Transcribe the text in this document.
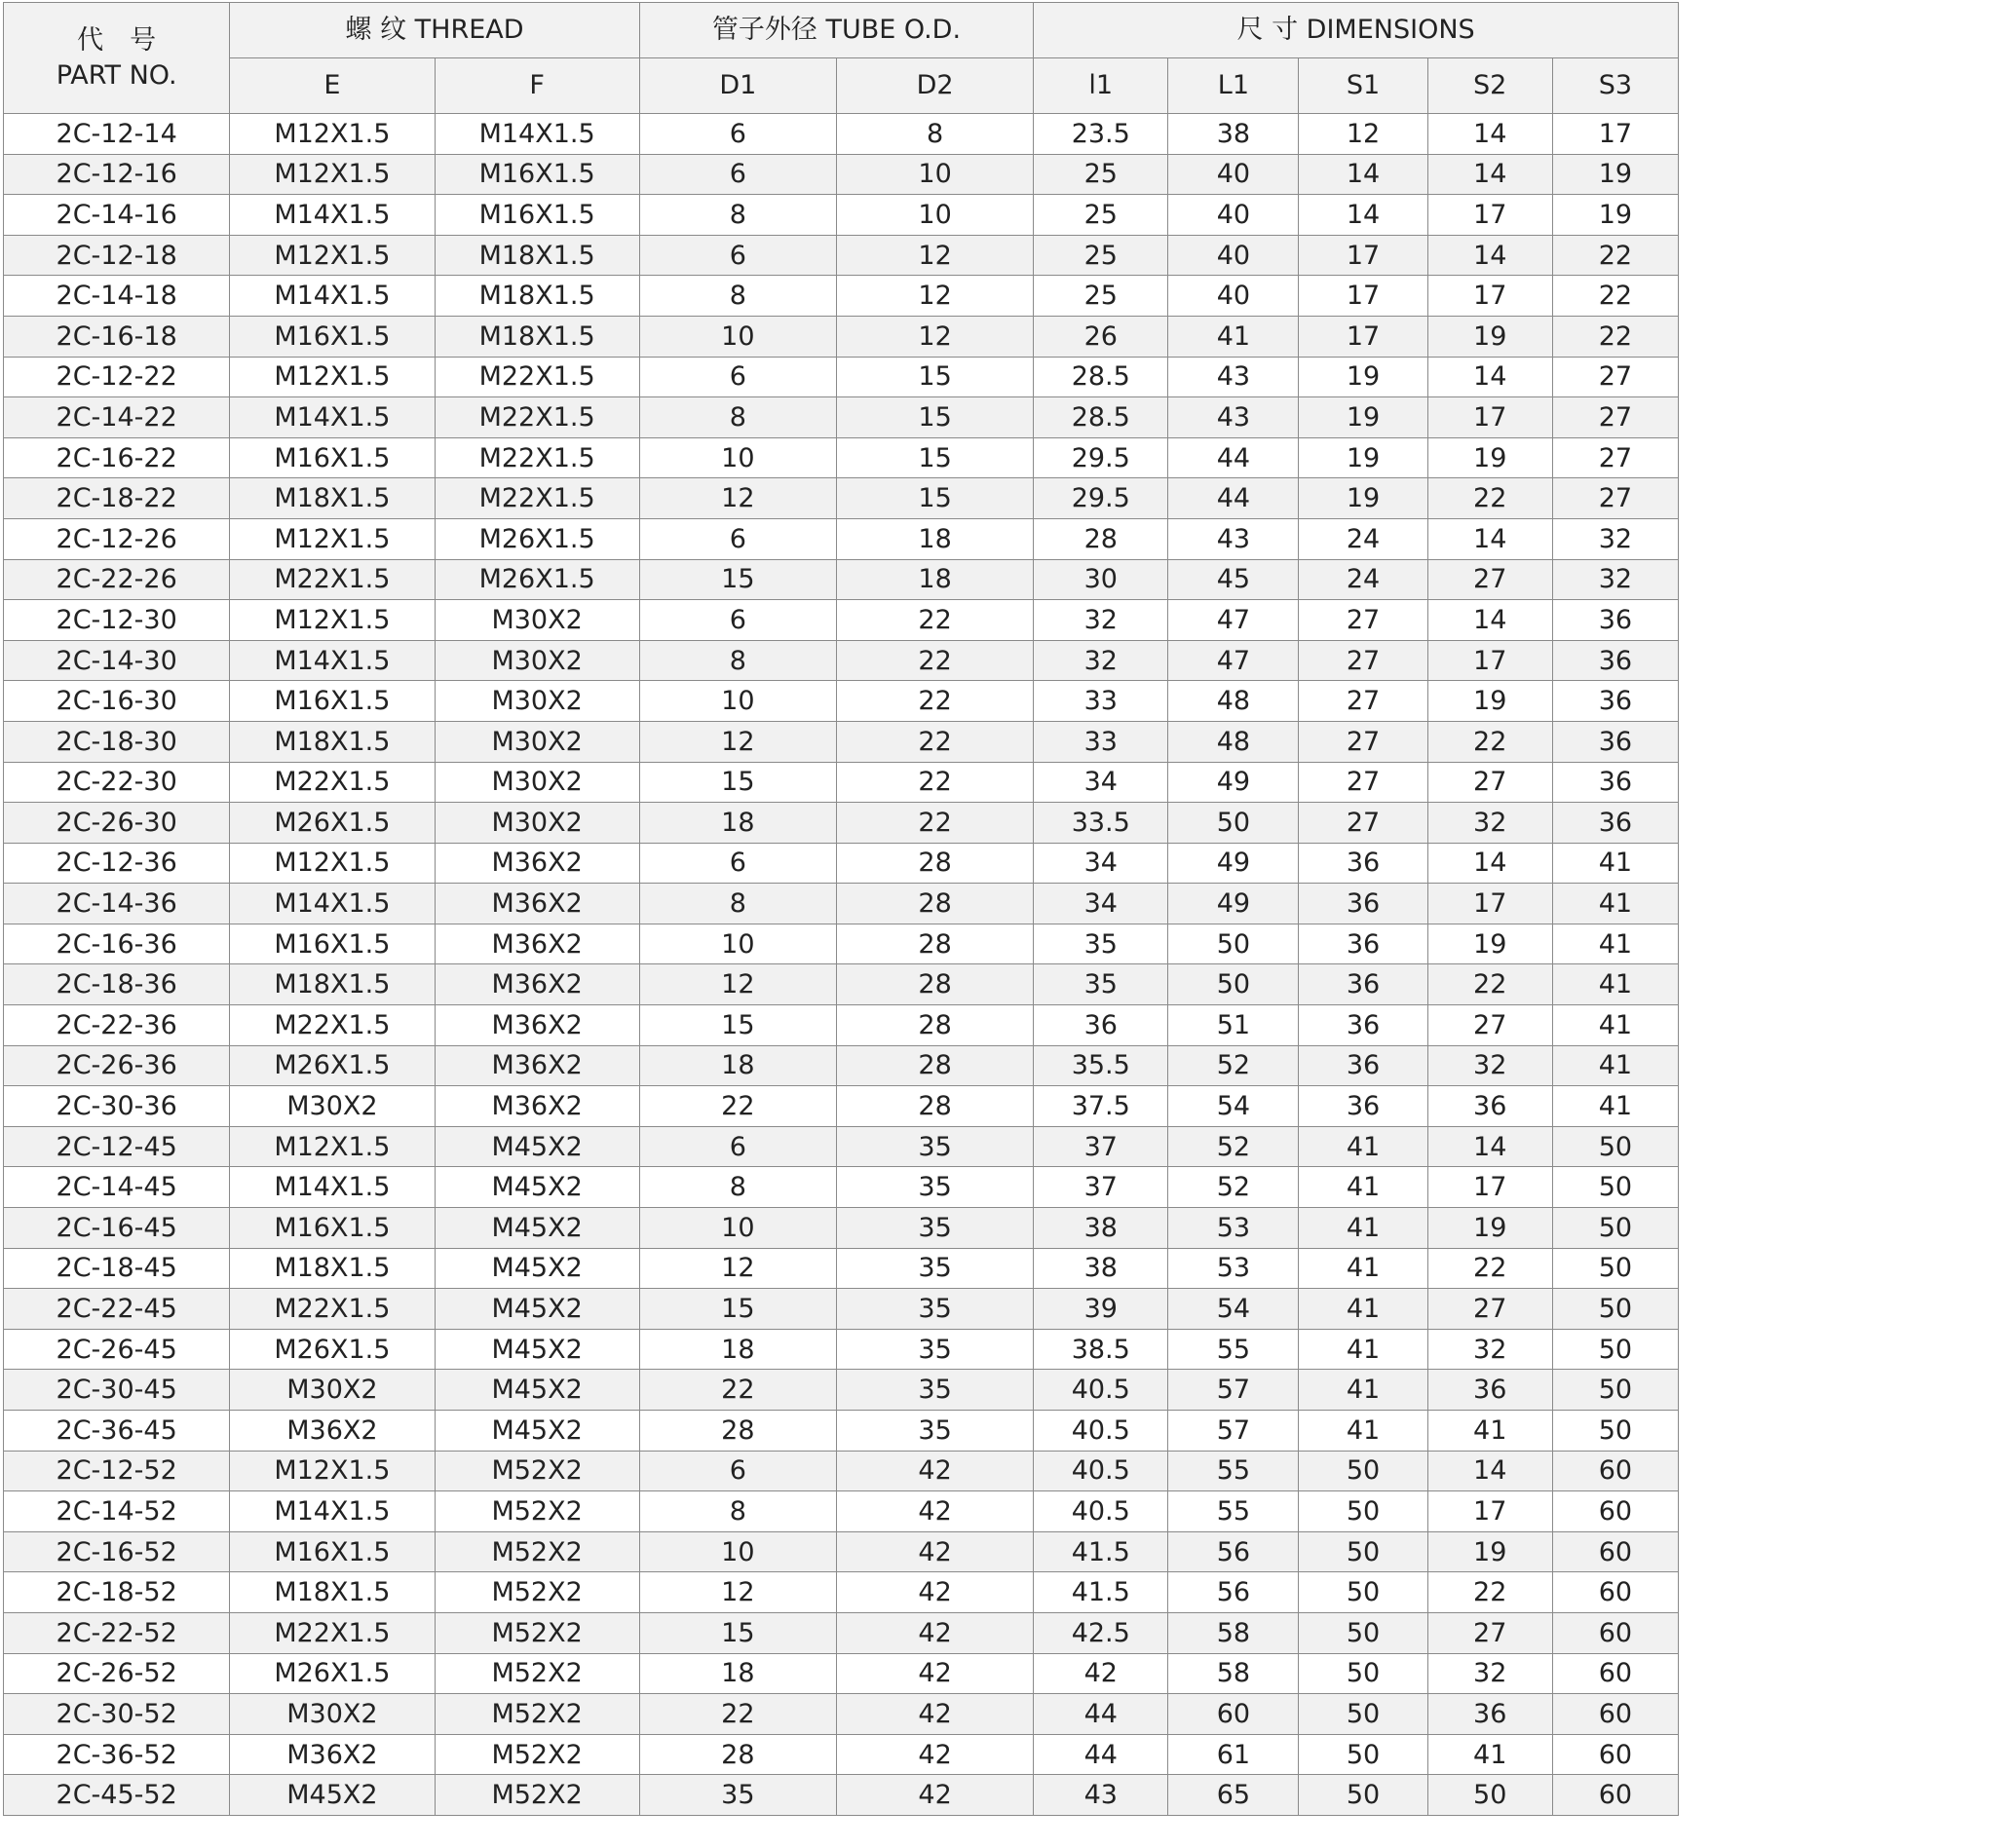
代　号
PART NO.	螺 纹 THREAD		管子外径 TUBE O.D.		尺 寸 DIMENSIONS	

	E	F	D1	D2	l1	L1	S1	S2	S3	
2C-12-14	M12X1.5	M14X1.5	6	8	23.5	38	12	14	17	

2C-12-16	M12X1.5	M16X1.5	6	10	25	40	14	14	19	
2C-14-16	M14X1.5	M16X1.5	8	10	25	40	14	17	19	
2C-12-18	M12X1.5	M18X1.5	6	12	25	40	17	14	22	
2C-14-18	M14X1.5	M18X1.5	8	12	25	40	17	17	22	
2C-16-18	M16X1.5	M18X1.5	10	12	26	41	17	19	22	
2C-12-22	M12X1.5	M22X1.5	6	15	28.5	43	19	14	27	
2C-14-22	M14X1.5	M22X1.5	8	15	28.5	43	19	17	27	
2C-16-22	M16X1.5	M22X1.5	10	15	29.5	44	19	19	27	
2C-18-22	M18X1.5	M22X1.5	12	15	29.5	44	19	22	27	
2C-12-26	M12X1.5	M26X1.5	6	18	28	43	24	14	32	
2C-22-26	M22X1.5	M26X1.5	15	18	30	45	24	27	32	
2C-12-30	M12X1.5	M30X2	6	22	32	47	27	14	36	

2C-14-30	M14X1.5	M30X2	8	22	32	47	27	17	36	
2C-16-30	M16X1.5	M30X2	10	22	33	48	27	19	36	
2C-18-30	M18X1.5	M30X2	12	22	33	48	27	22	36	
2C-22-30	M22X1.5	M30X2	15	22	34	49	27	27	36	
2C-26-30	M26X1.5	M30X2	18	22	33.5	50	27	32	36	
2C-12-36	M12X1.5	M36X2	6	28	34	49	36	14	41	
2C-14-36	M14X1.5	M36X2	8	28	34	49	36	17	41	
2C-16-36	M16X1.5	M36X2	10	28	35	50	36	19	41	
2C-18-36	M18X1.5	M36X2	12	28	35	50	36	22	41	
2C-22-36	M22X1.5	M36X2	15	28	36	51	36	27	41	
2C-26-36	M26X1.5	M36X2	18	28	35.5	52	36	32	41	
2C-30-36	M30X2	M36X2	22	28	37.5	54	36	36	41	
2C-12-45	M12X1.5	M45X2	6	35	37	52	41	14	50	
2C-14-45	M14X1.5	M45X2	8	35	37	52	41	17	50	
2C-16-45	M16X1.5	M45X2	10	35	38	53	41	19	50	
2C-18-45	M18X1.5	M45X2	12	35	38	53	41	22	50	
2C-22-45	M22X1.5	M45X2	15	35	39	54	41	27	50	
2C-26-45	M26X1.5	M45X2	18	35	38.5	55	41	32	50	
2C-30-45	M30X2	M45X2	22	35	40.5	57	41	36	50	
2C-36-45	M36X2	M45X2	28	35	40.5	57	41	41	50	
2C-12-52	M12X1.5	M52X2	6	42	40.5	55	50	14	60	
2C-14-52	M14X1.5	M52X2	8	42	40.5	55	50	17	60	
2C-16-52	M16X1.5	M52X2	10	42	41.5	56	50	19	60	
2C-18-52	M18X1.5	M52X2	12	42	41.5	56	50	22	60	
2C-22-52	M22X1.5	M52X2	15	42	42.5	58	50	27	60	
2C-26-52	M26X1.5	M52X2	18	42	42	58	50	32	60	
2C-30-52	M30X2	M52X2	22	42	44	60	50	36	60	
2C-36-52	M36X2	M52X2	28	42	44	61	50	41	60	
2C-45-52	M45X2	M52X2	35	42	43	65	50	50	60	
